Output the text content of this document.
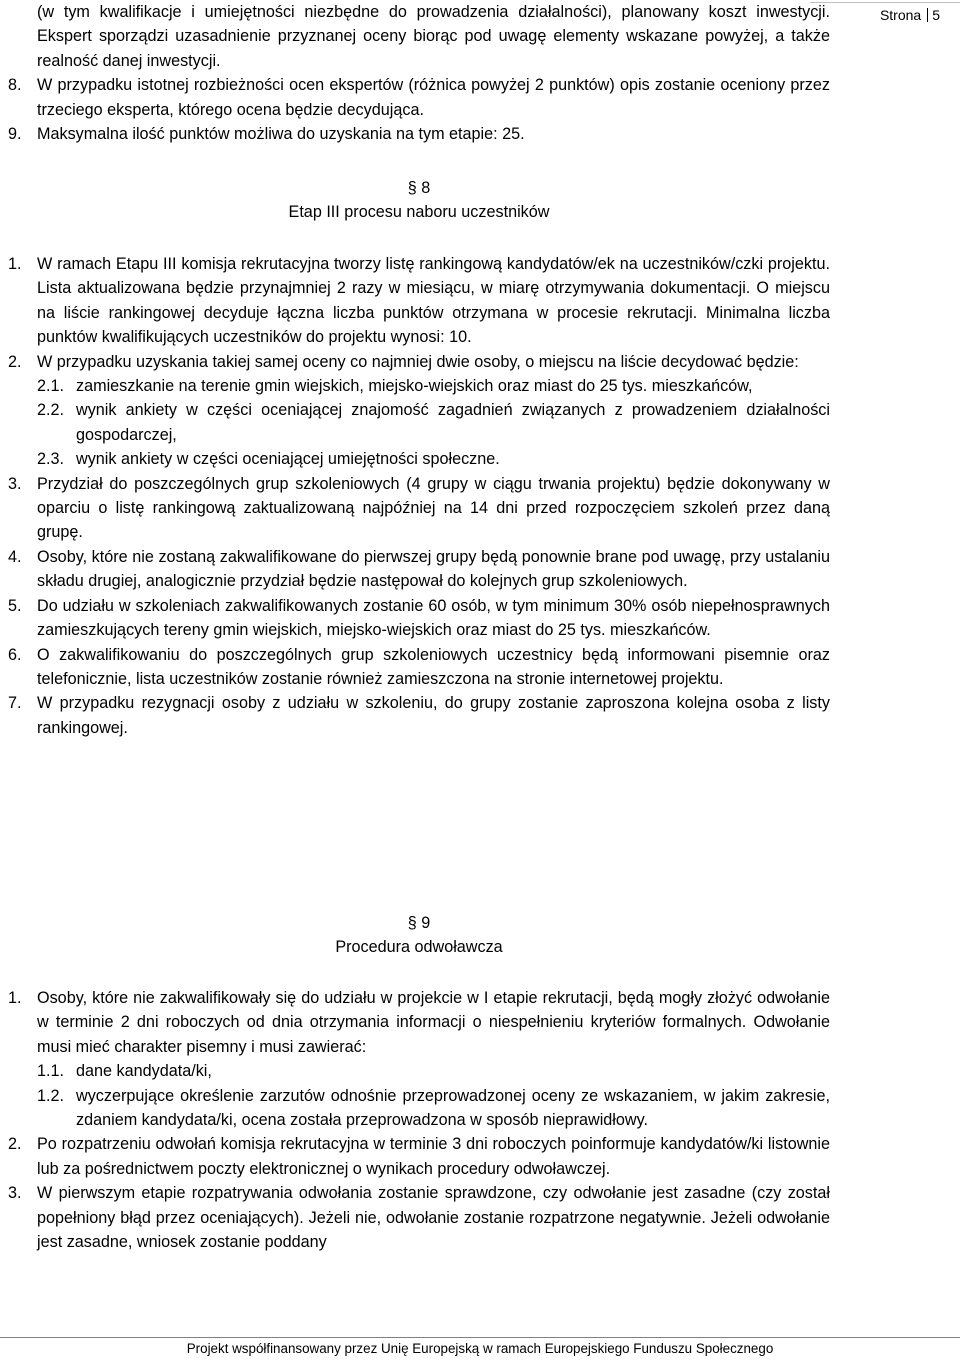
Strona 5
(w tym kwalifikacje i umiejętności niezbędne do prowadzenia działalności), planowany koszt inwestycji. Ekspert sporządzi uzasadnienie przyznanej oceny biorąc pod uwagę elementy wskazane powyżej, a także realność danej inwestycji.
8. W przypadku istotnej rozbieżności ocen ekspertów (różnica powyżej 2 punktów) opis zostanie oceniony przez trzeciego eksperta, którego ocena będzie decydująca.
9. Maksymalna ilość punktów możliwa do uzyskania na tym etapie: 25.
§ 8
Etap III procesu naboru uczestników
1. W ramach Etapu III komisja rekrutacyjna tworzy listę rankingową kandydatów/ek na uczestników/czki projektu. Lista aktualizowana będzie przynajmniej 2 razy w miesiącu, w miarę otrzymywania dokumentacji. O miejscu na liście rankingowej decyduje łączna liczba punktów otrzymana w procesie rekrutacji. Minimalna liczba punktów kwalifikujących uczestników do projektu wynosi: 10.
2. W przypadku uzyskania takiej samej oceny co najmniej dwie osoby, o miejscu na liście decydować będzie:
2.1. zamieszkanie na terenie gmin wiejskich, miejsko-wiejskich oraz miast do 25 tys. mieszkańców,
2.2. wynik ankiety w części oceniającej znajomość zagadnień związanych z prowadzeniem działalności gospodarczej,
2.3. wynik ankiety w części oceniającej umiejętności społeczne.
3. Przydział do poszczególnych grup szkoleniowych (4 grupy w ciągu trwania projektu) będzie dokonywany w oparciu o listę rankingową zaktualizowaną najpóźniej na 14 dni przed rozpoczęciem szkoleń przez daną grupę.
4. Osoby, które nie zostaną zakwalifikowane do pierwszej grupy będą ponownie brane pod uwagę, przy ustalaniu składu drugiej, analogicznie przydział będzie następował do kolejnych grup szkoleniowych.
5. Do udziału w szkoleniach zakwalifikowanych zostanie 60 osób, w tym minimum 30% osób niepełnosprawnych zamieszkujących tereny gmin wiejskich, miejsko-wiejskich oraz miast do 25 tys. mieszkańców.
6. O zakwalifikowaniu do poszczególnych grup szkoleniowych uczestnicy będą informowani pisemnie oraz telefonicznie, lista uczestników zostanie również zamieszczona na stronie internetowej projektu.
7. W przypadku rezygnacji osoby z udziału w szkoleniu, do grupy zostanie zaproszona kolejna osoba z listy rankingowej.
§ 9
Procedura odwoławcza
1. Osoby, które nie zakwalifikowały się do udziału w projekcie w I etapie rekrutacji, będą mogły złożyć odwołanie w terminie 2 dni roboczych od dnia otrzymania informacji o niespełnieniu kryteriów formalnych. Odwołanie musi mieć charakter pisemny i musi zawierać:
1.1. dane kandydata/ki,
1.2. wyczerpujące określenie zarzutów odnośnie przeprowadzonej oceny ze wskazaniem, w jakim zakresie, zdaniem kandydata/ki, ocena została przeprowadzona w sposób nieprawidłowy.
2. Po rozpatrzeniu odwołań komisja rekrutacyjna w terminie 3 dni roboczych poinformuje kandydatów/ki listownie lub za pośrednictwem poczty elektronicznej o wynikach procedury odwoławczej.
3. W pierwszym etapie rozpatrywania odwołania zostanie sprawdzone, czy odwołanie jest zasadne (czy został popełniony błąd przez oceniających). Jeżeli nie, odwołanie zostanie rozpatrzone negatywnie. Jeżeli odwołanie jest zasadne, wniosek zostanie poddany
Projekt współfinansowany przez Unię Europejską w ramach Europejskiego Funduszu Społecznego
